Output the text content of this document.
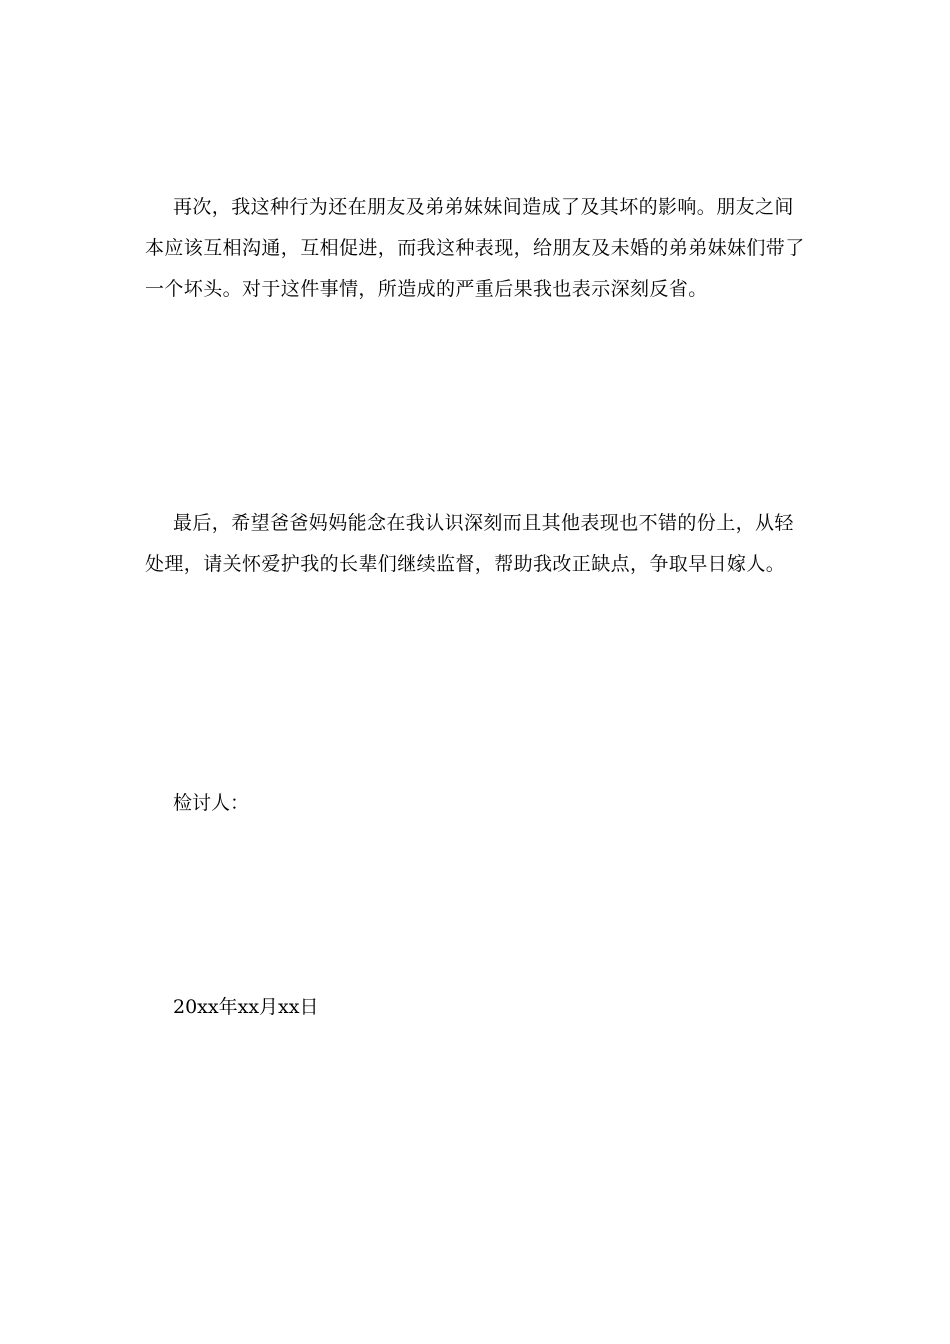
再次，我这种行为还在朋友及弟弟妹妹间造成了及其坏的影响。朋友之间本应该互相沟通，互相促进，而我这种表现，给朋友及未婚的弟弟妹妹们带了一个坏头。对于这件事情，所造成的严重后果我也表示深刻反省。

最后，希望爸爸妈妈能念在我认识深刻而且其他表现也不错的份上，从轻处理，请关怀爱护我的长辈们继续监督，帮助我改正缺点，争取早日嫁人。

检讨人：

20xx年xx月xx日
